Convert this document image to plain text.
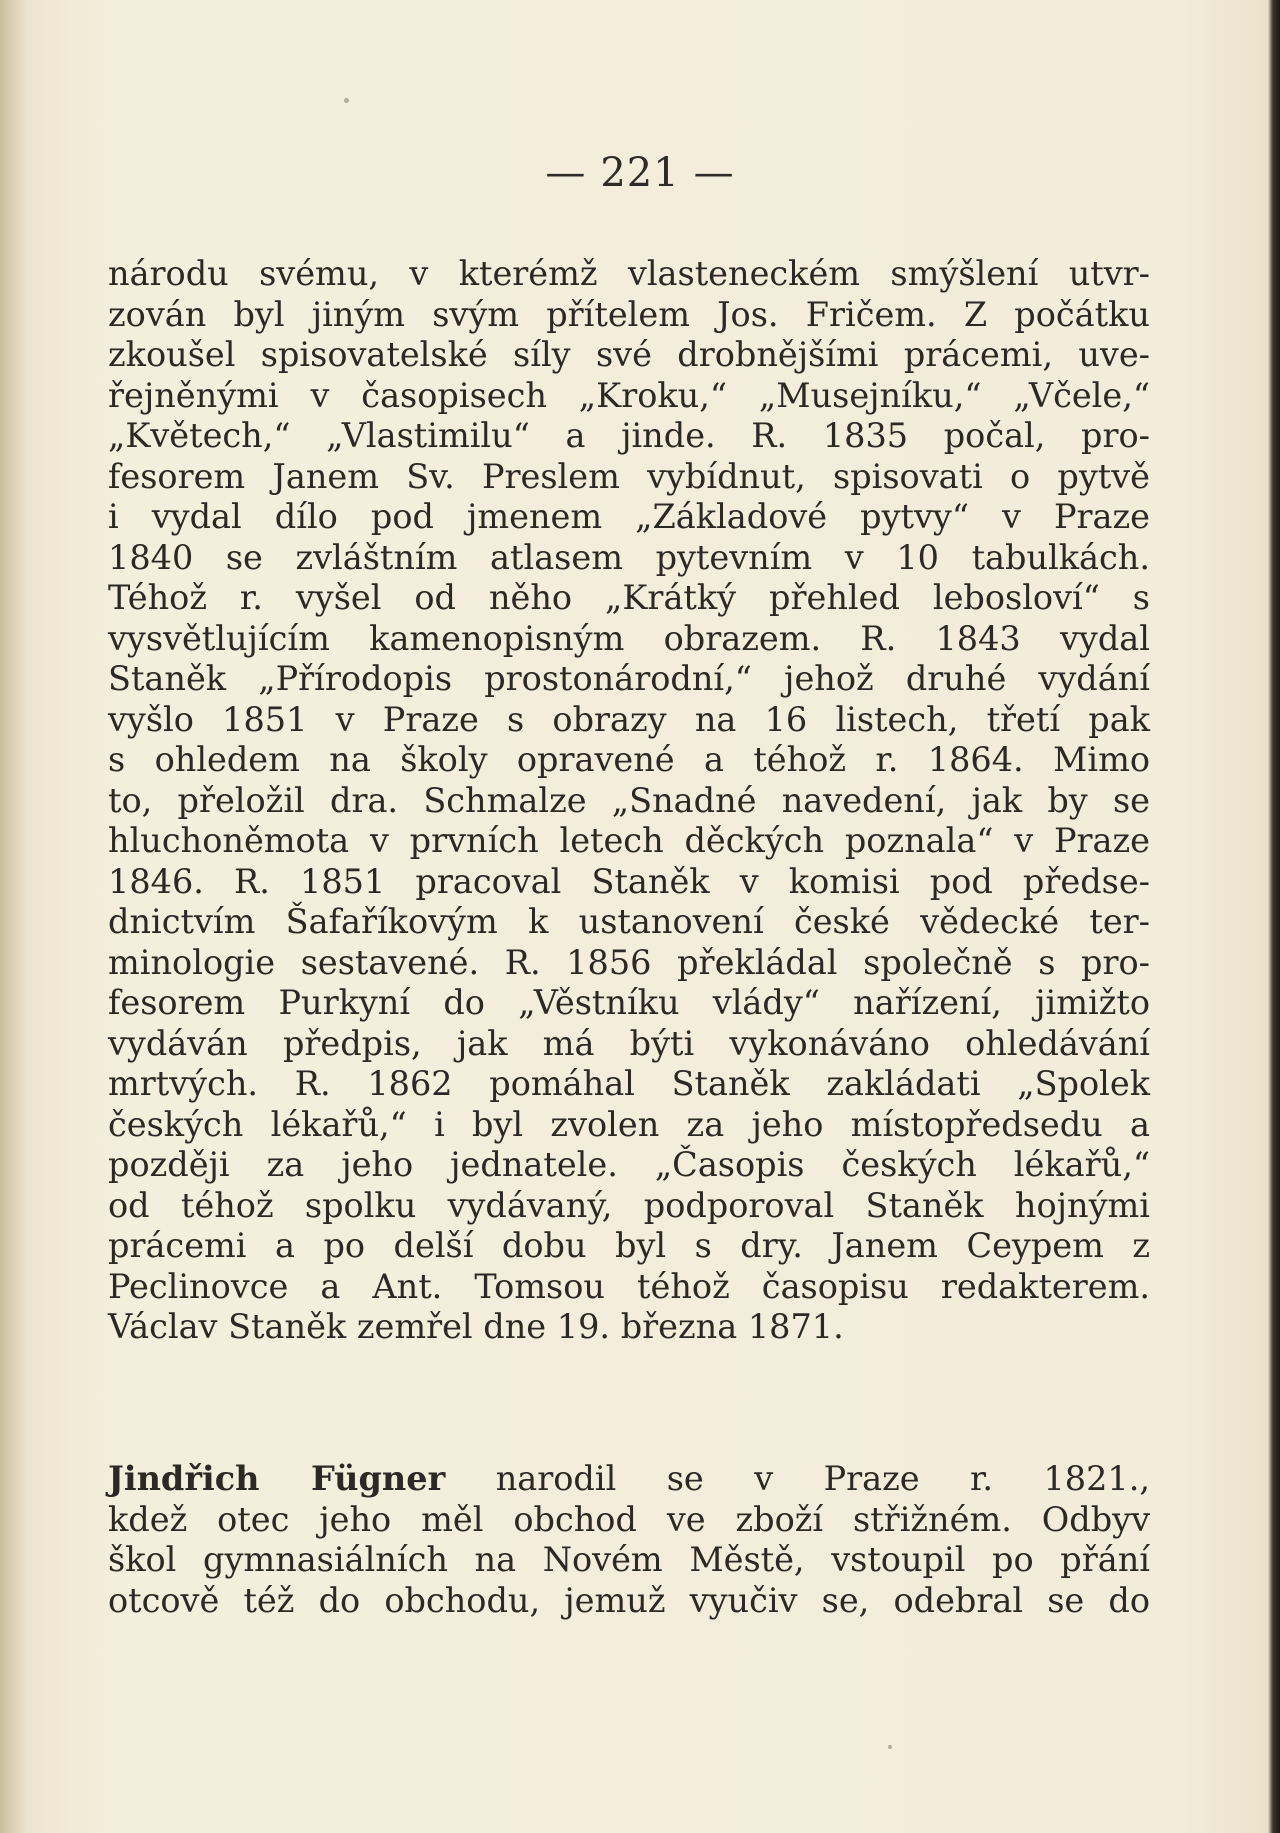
— 221 —

národu svému, v kterémž vlasteneckém smýšlení utvr-
zován byl jiným svým přítelem Jos. Fričem. Z počátku
zkoušel spisovatelské síly své drobnějšími prácemi, uve-
řejněnými v časopisech „Kroku,“ „Musejníku,“ „Včele,“
„Květech,“ „Vlastimilu“ a jinde. R. 1835 počal, pro-
fesorem Janem Sv. Preslem vybídnut, spisovati o pytvě
i vydal dílo pod jmenem „Základové pytvy“ v Praze
1840 se zvláštním atlasem pytevním v 10 tabulkách.
Téhož r. vyšel od něho „Krátký přehled lebosloví“ s
vysvětlujícím kamenopisným obrazem. R. 1843 vydal
Staněk „Přírodopis prostonárodní,“ jehož druhé vydání
vyšlo 1851 v Praze s obrazy na 16 listech, třetí pak
s ohledem na školy opravené a téhož r. 1864. Mimo
to, přeložil dra. Schmalze „Snadné navedení, jak by se
hluchoněmota v prvních letech děckých poznala“ v Praze
1846. R. 1851 pracoval Staněk v komisi pod předse-
dnictvím Šafaříkovým k ustanovení české vědecké ter-
minologie sestavené. R. 1856 překládal společně s pro-
fesorem Purkyní do „Věstníku vlády“ nařízení, jimižto
vydáván předpis, jak má býti vykonáváno ohledávání
mrtvých. R. 1862 pomáhal Staněk zakládati „Spolek
českých lékařů,“ i byl zvolen za jeho místopředsedu a
později za jeho jednatele. „Časopis českých lékařů,“
od téhož spolku vydávaný, podporoval Staněk hojnými
prácemi a po delší dobu byl s dry. Janem Ceypem z
Peclinovce a Ant. Tomsou téhož časopisu redakterem.
Václav Staněk zemřel dne 19. března 1871.
Jindřich Fügner narodil se v Praze r. 1821.,
kdež otec jeho měl obchod ve zboží střižném. Odbyv
škol gymnasiálních na Novém Městě, vstoupil po přání
otcově též do obchodu, jemuž vyučiv se, odebral se do
